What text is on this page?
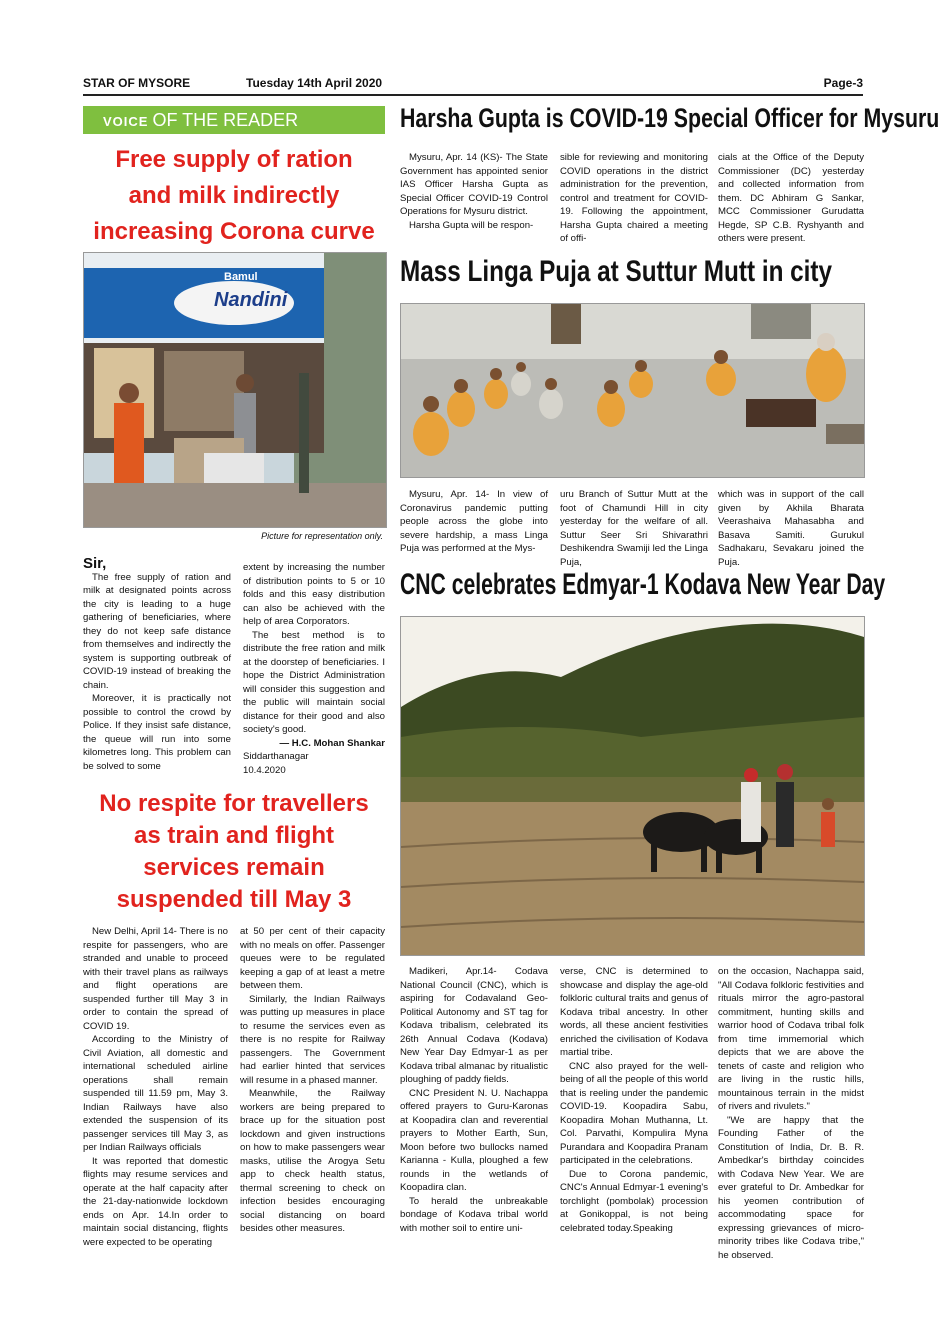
STAR OF MYSORE	Tuesday 14th April 2020	Page-3
VOICE OF THE READER
Free supply of ration
and milk indirectly
increasing Corona curve
Nandini
Bamul
Picture for representation only.

Sir,

The free supply of ration and milk at designated points across the city is leading to a huge gathering of beneficiaries, where they do not keep safe distance from themselves and indirectly the system is supporting outbreak of COVID-19 instead of breaking the chain.

Moreover, it is practically not possible to control the crowd by Police. If they insist safe distance, the queue will run into some kilometres long. This problem can be solved to some

extent by increasing the number of distribution points to 5 or 10 folds and this easy distribution can also be achieved with the help of area Corporators.

The best method is to distribute the free ration and milk at the doorstep of beneficiaries. I hope the District Administration will consider this suggestion and the public will maintain social distance for their good and also society's good.

— H.C. Mohan Shankar

Siddarthanagar

10.4.2020

No respite for travellers
as train and flight
services remain
suspended till May 3

New Delhi, April 14- There is no respite for passengers, who are stranded and unable to proceed with their travel plans as railways and flight operations are suspended further till May 3 in order to contain the spread of COVID 19.

According to the Ministry of Civil Aviation, all domestic and international scheduled airline operations shall remain suspended till 11.59 pm, May 3. Indian Railways have also extended the suspension of its passenger services till May 3, as per Indian Railways officials

It was reported that domestic flights may resume services and operate at the half capacity after the 21-day-nationwide lockdown ends on Apr. 14.In order to maintain social distancing, flights were expected to be operating

at 50 per cent of their capacity with no meals on offer. Passenger queues were to be regulated keeping a gap of at least a metre between them.

Similarly, the Indian Railways was putting up measures in place to resume the services even as there is no respite for Railway passengers. The Government had earlier hinted that services will resume in a phased manner.

Meanwhile, the Railway workers are being prepared to brace up for the situation post lockdown and given instructions on how to make passengers wear masks, utilise the Arogya Setu app to check health status, thermal screening to check on infection besides encouraging social distancing on board besides other measures.

Harsha Gupta is COVID-19 Special Officer for Mysuru

Mysuru, Apr. 14 (KS)- The State Government has appointed senior IAS Officer Harsha Gupta as Special Officer COVID-19 Control Operations for Mysuru district.

Harsha Gupta will be respon-

sible for reviewing and monitoring COVID operations in the district administration for the prevention, control and treatment for COVID-19. Following the appointment, Harsha Gupta chaired a meeting of offi-

cials at the Office of the Deputy Commissioner (DC) yesterday and collected information from them. DC Abhiram G Sankar, MCC Commissioner Gurudatta Hegde, SP C.B. Ryshyanth and others were present.

Mass Linga Puja at Suttur Mutt in city

Mysuru, Apr. 14- In view of Coronavirus pandemic putting people across the globe into severe hardship, a mass Linga Puja was performed at the Mys-

uru Branch of Suttur Mutt at the foot of Chamundi Hill in city yesterday for the welfare of all. Suttur Seer Sri Shivarathri Deshikendra Swamiji led the Linga Puja,

which was in support of the call given by Akhila Bharata Veerashaiva Mahasabha and Basava Samiti. Gurukul Sadhakaru, Sevakaru joined the Puja.

CNC celebrates Edmyar-1 Kodava New Year Day

Madikeri, Apr.14- Codava National Council (CNC), which is aspiring for Codavaland Geo-Political Autonomy and ST tag for Kodava tribalism, celebrated its 26th Annual Codava (Kodava) New Year Day Edmyar-1 as per Kodava tribal almanac by ritualistic ploughing of paddy fields.

CNC President N. U. Nachappa offered prayers to Guru-Karonas at Koopadira clan and reverential prayers to Mother Earth, Sun, Moon before two bullocks named Karianna - Kulla, ploughed a few rounds in the wetlands of Koopadira clan.

To herald the unbreakable bondage of Kodava tribal world with mother soil to entire uni-

verse, CNC is determined to showcase and display the age-old folkloric cultural traits and genus of Kodava tribal ancestry. In other words, all these ancient festivities enriched the civilisation of Kodava martial tribe.

CNC also prayed for the well-being of all the people of this world that is reeling under the pandemic COVID-19. Koopadira Sabu, Koopadira Mohan Muthanna, Lt. Col. Parvathi, Kompulira Myna Purandara and Koopadira Pranam participated in the celebrations.

Due to Corona pandemic, CNC's Annual Edmyar-1 evening's torchlight (pombolak) procession at Gonikoppal, is not being celebrated today.Speaking

on the occasion, Nachappa said, "All Codava folkloric festivities and rituals mirror the agro-pastoral commitment, hunting skills and warrior hood of Codava tribal folk from time immemorial which depicts that we are above the tenets of caste and religion who are living in the rustic hills, mountainous terrain in the midst of rivers and rivulets."

"We are happy that the Founding Father of the Constitution of India, Dr. B. R. Ambedkar's birthday coincides with Codava New Year. We are ever grateful to Dr. Ambedkar for his yeomen contribution of accommodating space for expressing grievances of micro-minority tribes like Codava tribe," he observed.
